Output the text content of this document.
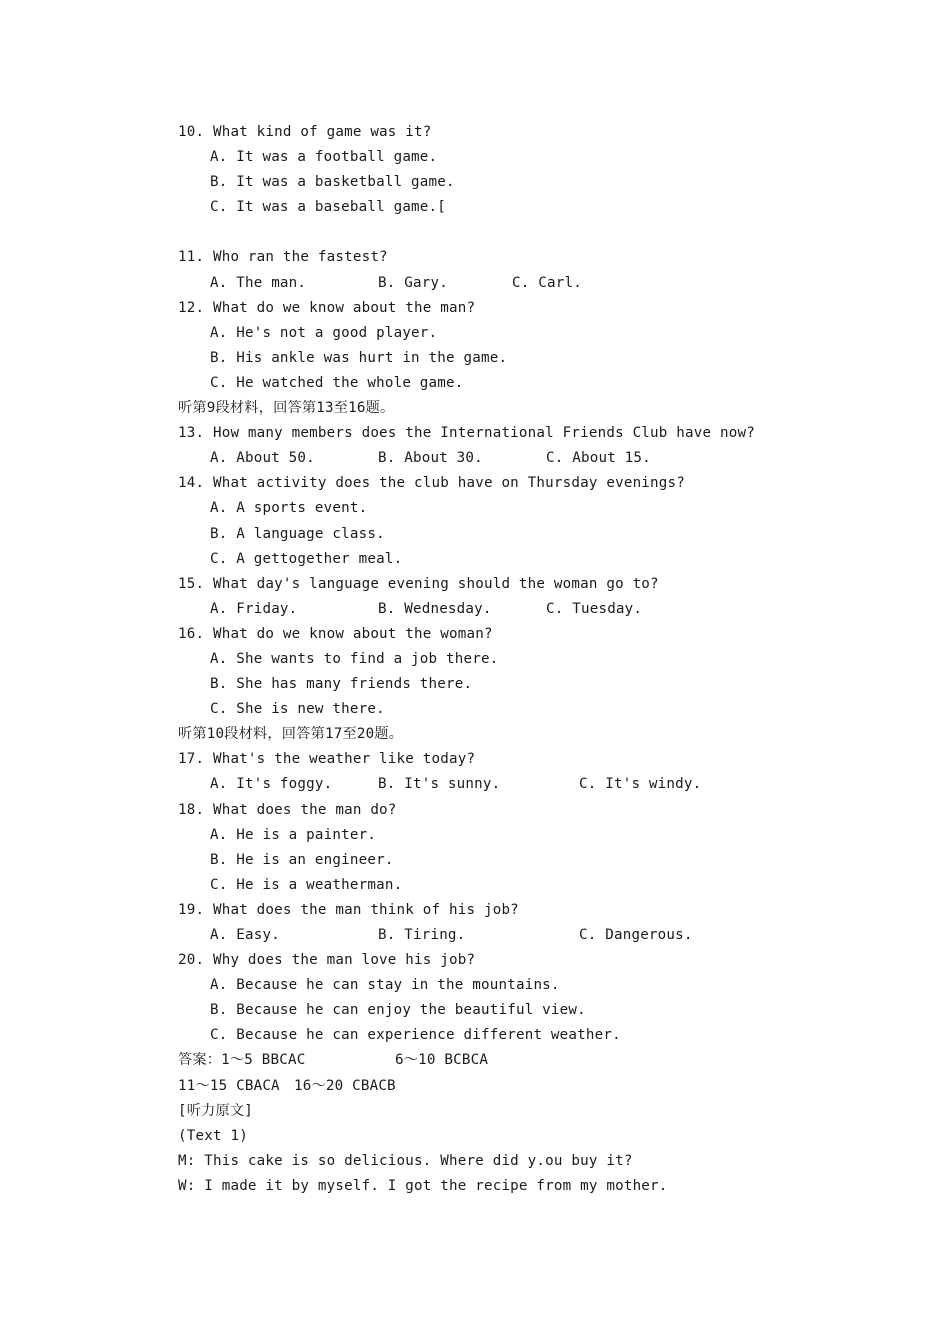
10. What kind of game was it?
A. It was a football game.
B. It was a basketball game.
C. It was a baseball game.[
11. Who ran the fastest?
A. The man.	B. Gary.	C. Carl.
12. What do we know about the man?
A. He's not a good player.
B. His ankle was hurt in the game.
C. He watched the whole game.
听第9段材料，回答第13至16题。
13. How many members does the International Friends Club have now?
A. About 50.	B. About 30.	C. About 15.
14. What activity does the club have on Thursday evenings?
A. A sports event.
B. A language class.
C. A gettogether meal.
15. What day's language evening should the woman go to?
A. Friday.	B. Wednesday.	C. Tuesday.
16. What do we know about the woman?
A. She wants to find a job there.
B. She has many friends there.
C. She is new there.
听第10段材料，回答第17至20题。
17. What's the weather like today?
A. It's foggy.	B. It's sunny.	C. It's windy.
18. What does the man do?
A. He is a painter.
B. He is an engineer.
C. He is a weatherman.
19. What does the man think of his job?
A. Easy.	B. Tiring.	C. Dangerous.
20. Why does the man love his job?
A. Because he can stay in the mountains.
B. Because he can enjoy the beautiful view.
C. Because he can experience different weather.
答案：1～5 BBCAC	6～10 BCBCA
11～15 CBACA 16～20 CBACB
[听力原文]
(Text 1)
M: This cake is so delicious. Where did y.ou buy it?
W: I made it by myself. I got the recipe from my mother.
